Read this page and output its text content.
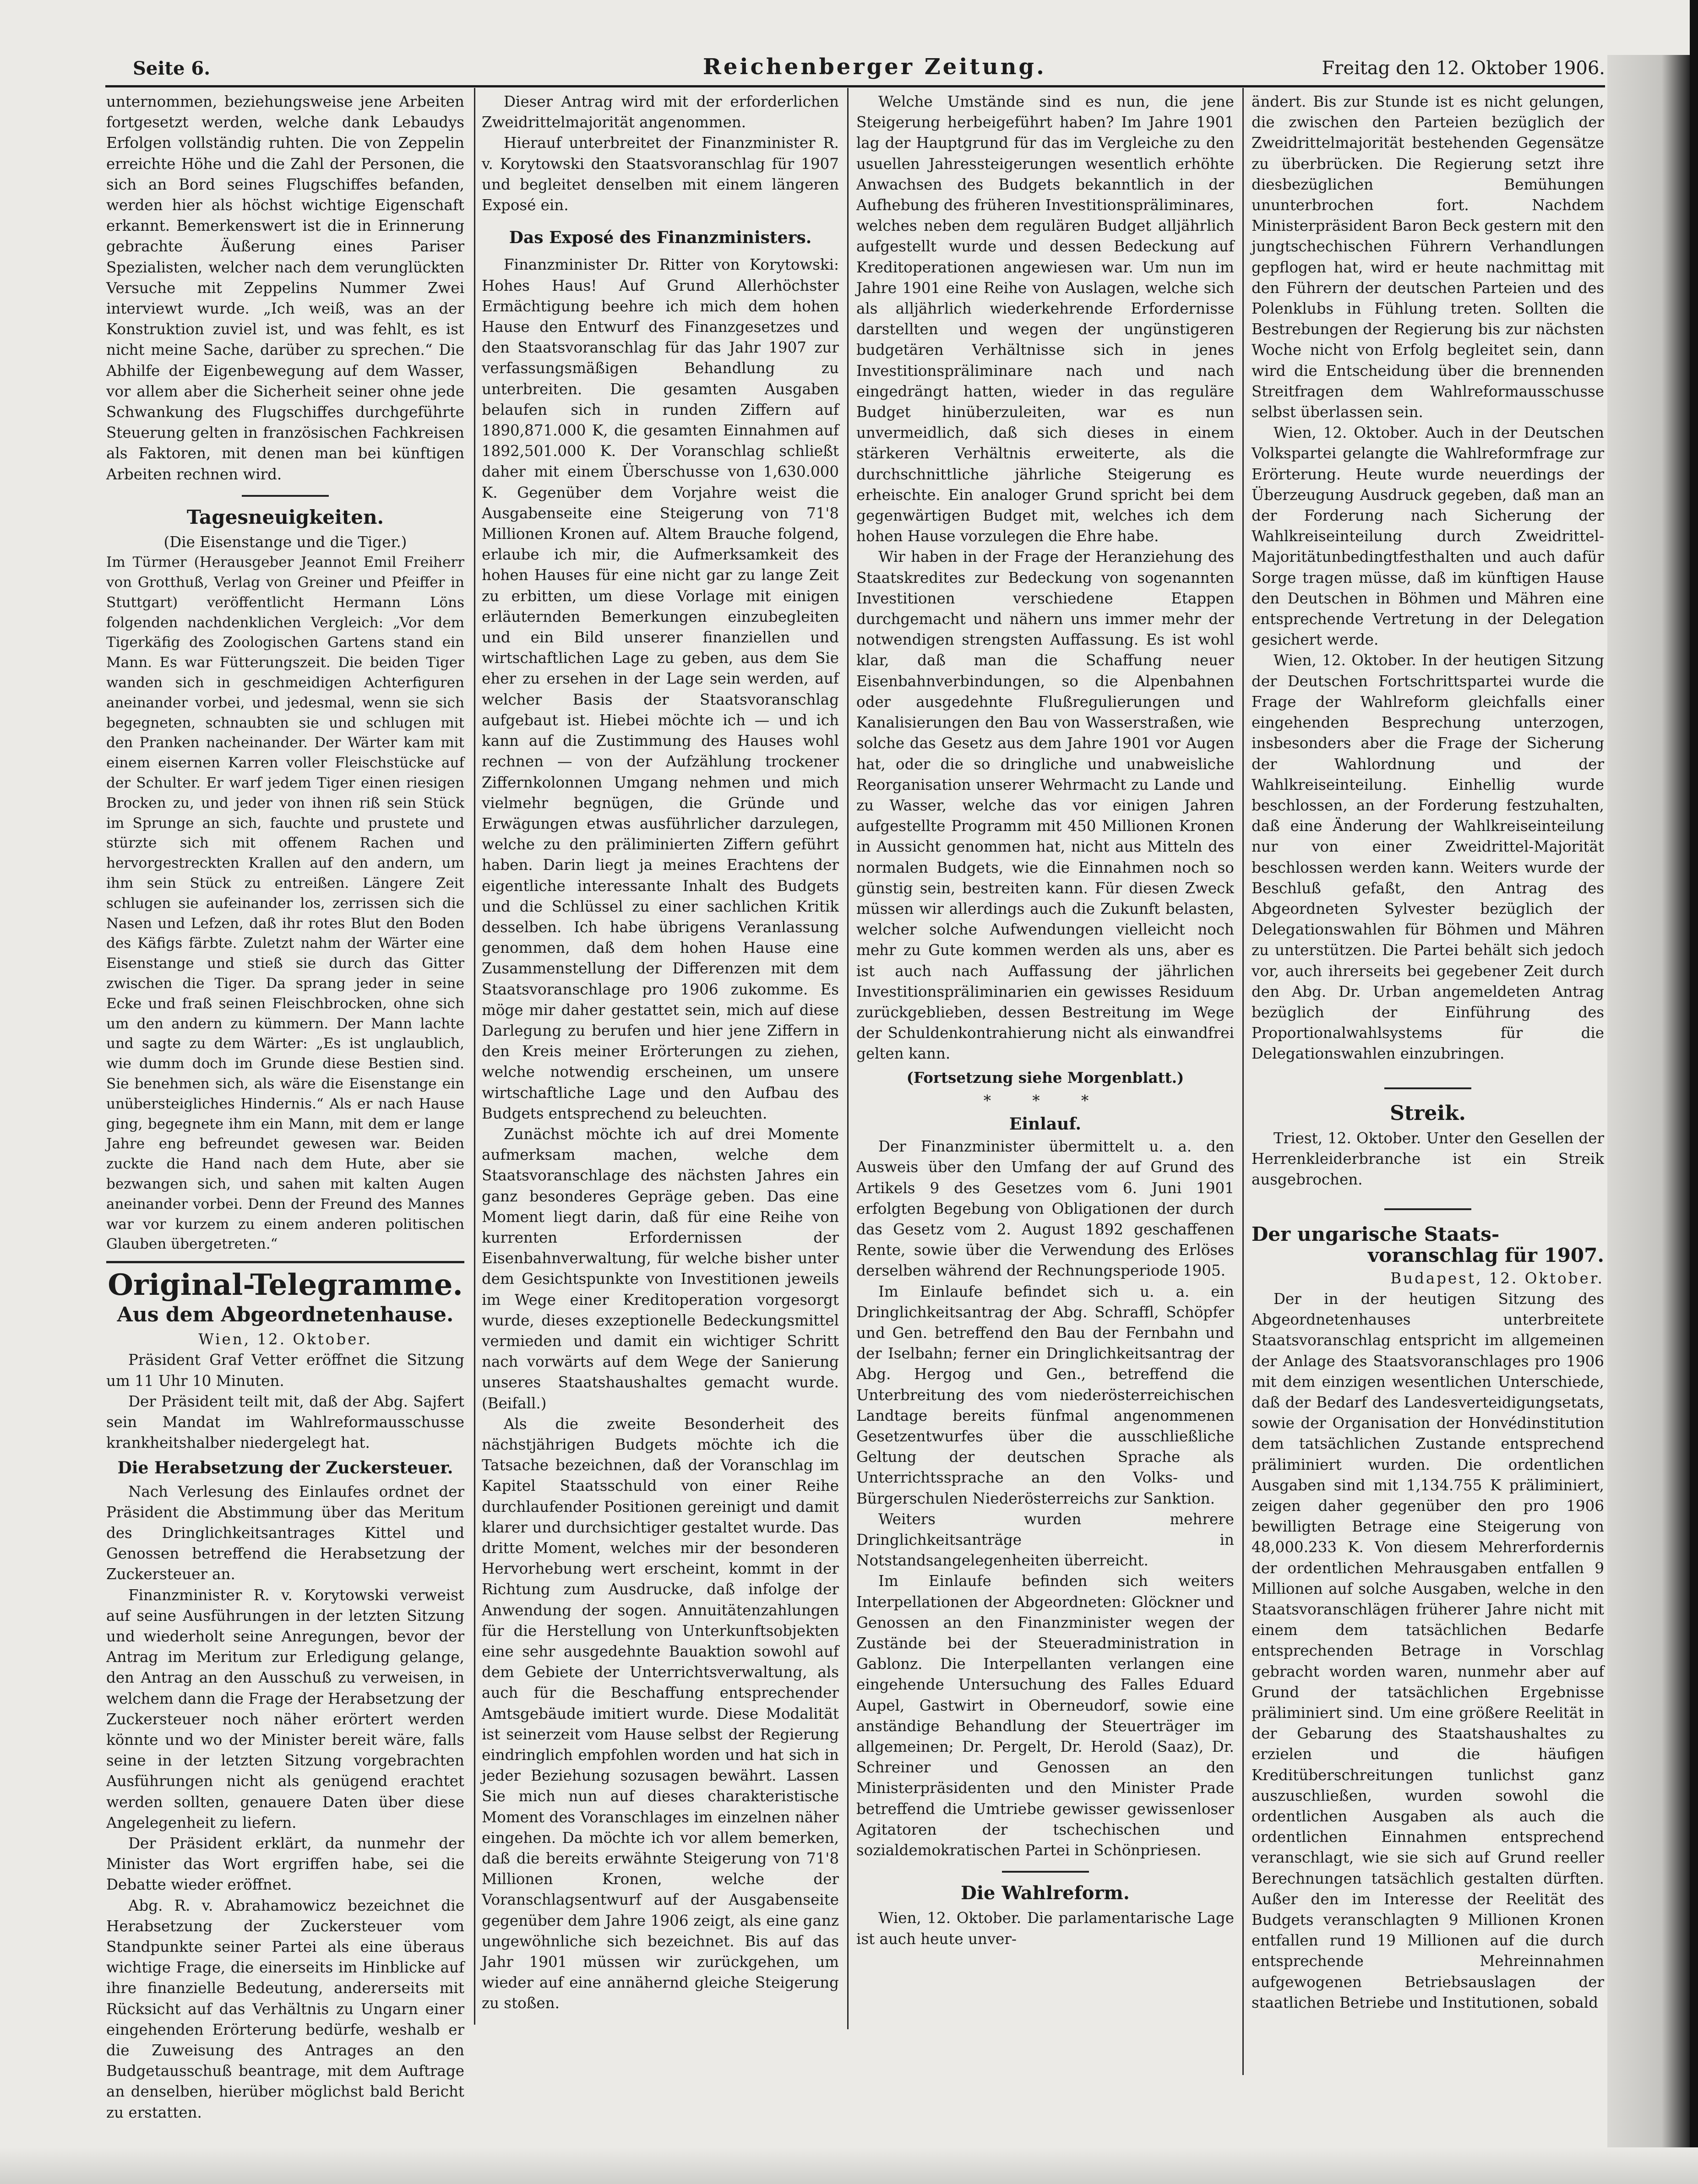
Seite 6.	Reichenberger Zeitung.	Freitag den 12. Oktober 1906.

unternommen, beziehungsweise jene Arbeiten fortgesetzt werden, welche dank Lebaudys Erfolgen vollständig ruhten. Die von Zeppelin erreichte Höhe und die Zahl der Personen, die sich an Bord seines Flugschiffes befanden, werden hier als höchst wichtige Eigenschaft erkannt. Bemerkenswert ist die in Erinnerung gebrachte Äußerung eines Pariser Spezialisten, welcher nach dem verunglückten Versuche mit Zeppelins Nummer Zwei interviewt wurde. „Ich weiß, was an der Konstruktion zuviel ist, und was fehlt, es ist nicht meine Sache, darüber zu sprechen.“ Die Abhilfe der Eigenbewegung auf dem Wasser, vor allem aber die Sicherheit seiner ohne jede Schwankung des Flugschiffes durchgeführte Steuerung gelten in französischen Fachkreisen als Faktoren, mit denen man bei künftigen Arbeiten rechnen wird.

Tagesneuigkeiten.
(Die Eisenstange und die Tiger.)

Im Türmer (Herausgeber Jeannot Emil Freiherr von Grotthuß, Verlag von Greiner und Pfeiffer in Stuttgart) veröffentlicht Hermann Löns folgenden nachdenklichen Vergleich: „Vor dem Tigerkäfig des Zoologischen Gartens stand ein Mann. Es war Fütterungszeit. Die beiden Tiger wanden sich in geschmeidigen Achterfiguren aneinander vorbei, und jedesmal, wenn sie sich begegneten, schnaubten sie und schlugen mit den Pranken nacheinander. Der Wärter kam mit einem eisernen Karren voller Fleischstücke auf der Schulter. Er warf jedem Tiger einen riesigen Brocken zu, und jeder von ihnen riß sein Stück im Sprunge an sich, fauchte und prustete und stürzte sich mit offenem Rachen und hervorgestreckten Krallen auf den andern, um ihm sein Stück zu entreißen. Längere Zeit schlugen sie aufeinander los, zerrissen sich die Nasen und Lefzen, daß ihr rotes Blut den Boden des Käfigs färbte. Zuletzt nahm der Wärter eine Eisenstange und stieß sie durch das Gitter zwischen die Tiger. Da sprang jeder in seine Ecke und fraß seinen Fleischbrocken, ohne sich um den andern zu kümmern. Der Mann lachte und sagte zu dem Wärter: „Es ist unglaublich, wie dumm doch im Grunde diese Bestien sind. Sie benehmen sich, als wäre die Eisenstange ein unübersteigliches Hindernis.“ Als er nach Hause ging, begegnete ihm ein Mann, mit dem er lange Jahre eng befreundet gewesen war. Beiden zuckte die Hand nach dem Hute, aber sie bezwangen sich, und sahen mit kalten Augen aneinander vorbei. Denn der Freund des Mannes war vor kurzem zu einem anderen politischen Glauben übergetreten.“

Original-Telegramme.
Aus dem Abgeordnetenhause.
Wien, 12. Oktober.

Präsident Graf Vetter eröffnet die Sitzung um 11 Uhr 10 Minuten.

Der Präsident teilt mit, daß der Abg. Sajfert sein Mandat im Wahlreformausschusse krankheitshalber niedergelegt hat.

Die Herabsetzung der Zuckersteuer.

Nach Verlesung des Einlaufes ordnet der Präsident die Abstimmung über das Meritum des Dringlichkeitsantrages Kittel und Genossen betreffend die Herabsetzung der Zuckersteuer an.

Finanzminister R. v. Korytowski verweist auf seine Ausführungen in der letzten Sitzung und wiederholt seine Anregungen, bevor der Antrag im Meritum zur Erledigung gelange, den Antrag an den Ausschuß zu verweisen, in welchem dann die Frage der Herabsetzung der Zuckersteuer noch näher erörtert werden könnte und wo der Minister bereit wäre, falls seine in der letzten Sitzung vorgebrachten Ausführungen nicht als genügend erachtet werden sollten, genauere Daten über diese Angelegenheit zu liefern.

Der Präsident erklärt, da nunmehr der Minister das Wort ergriffen habe, sei die Debatte wieder eröffnet.

Abg. R. v. Abrahamowicz bezeichnet die Herabsetzung der Zuckersteuer vom Standpunkte seiner Partei als eine überaus wichtige Frage, die einerseits im Hinblicke auf ihre finanzielle Bedeutung, andererseits mit Rücksicht auf das Verhältnis zu Ungarn einer eingehenden Erörterung bedürfe, weshalb er die Zuweisung des Antrages an den Budgetausschuß beantrage, mit dem Auftrage an denselben, hierüber möglichst bald Bericht zu erstatten.

Dieser Antrag wird mit der erforderlichen Zweidrittelmajorität angenommen.

Hierauf unterbreitet der Finanzminister R. v. Korytowski den Staatsvoranschlag für 1907 und begleitet denselben mit einem längeren Exposé ein.

Das Exposé des Finanzministers.

Finanzminister Dr. Ritter von Korytowski: Hohes Haus! Auf Grund Allerhöchster Ermächtigung beehre ich mich dem hohen Hause den Entwurf des Finanzgesetzes und den Staatsvoranschlag für das Jahr 1907 zur verfassungsmäßigen Behandlung zu unterbreiten. Die gesamten Ausgaben belaufen sich in runden Ziffern auf 1890,871.000 K, die gesamten Einnahmen auf 1892,501.000 K. Der Voranschlag schließt daher mit einem Überschusse von 1,630.000 K. Gegenüber dem Vorjahre weist die Ausgabenseite eine Steigerung von 71'8 Millionen Kronen auf. Altem Brauche folgend, erlaube ich mir, die Aufmerksamkeit des hohen Hauses für eine nicht gar zu lange Zeit zu erbitten, um diese Vorlage mit einigen erläuternden Bemerkungen einzubegleiten und ein Bild unserer finanziellen und wirtschaftlichen Lage zu geben, aus dem Sie eher zu ersehen in der Lage sein werden, auf welcher Basis der Staatsvoranschlag aufgebaut ist. Hiebei möchte ich — und ich kann auf die Zustimmung des Hauses wohl rechnen — von der Aufzählung trockener Ziffernkolonnen Umgang nehmen und mich vielmehr begnügen, die Gründe und Erwägungen etwas ausführlicher darzulegen, welche zu den präliminierten Ziffern geführt haben. Darin liegt ja meines Erachtens der eigentliche interessante Inhalt des Budgets und die Schlüssel zu einer sachlichen Kritik desselben. Ich habe übrigens Veranlassung genommen, daß dem hohen Hause eine Zusammenstellung der Differenzen mit dem Staatsvoranschlage pro 1906 zukomme. Es möge mir daher gestattet sein, mich auf diese Darlegung zu berufen und hier jene Ziffern in den Kreis meiner Erörterungen zu ziehen, welche notwendig erscheinen, um unsere wirtschaftliche Lage und den Aufbau des Budgets entsprechend zu beleuchten.

Zunächst möchte ich auf drei Momente aufmerksam machen, welche dem Staatsvoranschlage des nächsten Jahres ein ganz besonderes Gepräge geben. Das eine Moment liegt darin, daß für eine Reihe von kurrenten Erfordernissen der Eisenbahnverwaltung, für welche bisher unter dem Gesichtspunkte von Investitionen jeweils im Wege einer Kreditoperation vorgesorgt wurde, dieses exzeptionelle Bedeckungsmittel vermieden und damit ein wichtiger Schritt nach vorwärts auf dem Wege der Sanierung unseres Staatshaushaltes gemacht wurde. (Beifall.)

Als die zweite Besonderheit des nächstjährigen Budgets möchte ich die Tatsache bezeichnen, daß der Voranschlag im Kapitel Staatsschuld von einer Reihe durchlaufender Positionen gereinigt und damit klarer und durchsichtiger gestaltet wurde. Das dritte Moment, welches mir der besonderen Hervorhebung wert erscheint, kommt in der Richtung zum Ausdrucke, daß infolge der Anwendung der sogen. Annuitätenzahlungen für die Herstellung von Unterkunftsobjekten eine sehr ausgedehnte Bauaktion sowohl auf dem Gebiete der Unterrichtsverwaltung, als auch für die Beschaffung entsprechender Amtsgebäude imitiert wurde. Diese Modalität ist seinerzeit vom Hause selbst der Regierung eindringlich empfohlen worden und hat sich in jeder Beziehung sozusagen bewährt. Lassen Sie mich nun auf dieses charakteristische Moment des Voranschlages im einzelnen näher eingehen. Da möchte ich vor allem bemerken, daß die bereits erwähnte Steigerung von 71'8 Millionen Kronen, welche der Voranschlagsentwurf auf der Ausgabenseite gegenüber dem Jahre 1906 zeigt, als eine ganz ungewöhnliche sich bezeichnet. Bis auf das Jahr 1901 müssen wir zurückgehen, um wieder auf eine annähernd gleiche Steigerung zu stoßen.

Welche Umstände sind es nun, die jene Steigerung herbeigeführt haben? Im Jahre 1901 lag der Hauptgrund für das im Vergleiche zu den usuellen Jahressteigerungen wesentlich erhöhte Anwachsen des Budgets bekanntlich in der Aufhebung des früheren Investitionspräliminares, welches neben dem regulären Budget alljährlich aufgestellt wurde und dessen Bedeckung auf Kreditoperationen angewiesen war. Um nun im Jahre 1901 eine Reihe von Auslagen, welche sich als alljährlich wiederkehrende Erfordernisse darstellten und wegen der ungünstigeren budgetären Verhältnisse sich in jenes Investitionspräliminare nach und nach eingedrängt hatten, wieder in das reguläre Budget hinüberzuleiten, war es nun unvermeidlich, daß sich dieses in einem stärkeren Verhältnis erweiterte, als die durchschnittliche jährliche Steigerung es erheischte. Ein analoger Grund spricht bei dem gegenwärtigen Budget mit, welches ich dem hohen Hause vorzulegen die Ehre habe.

Wir haben in der Frage der Heranziehung des Staatskredites zur Bedeckung von sogenannten Investitionen verschiedene Etappen durchgemacht und nähern uns immer mehr der notwendigen strengsten Auffassung. Es ist wohl klar, daß man die Schaffung neuer Eisenbahnverbindungen, so die Alpenbahnen oder ausgedehnte Flußregulierungen und Kanalisierungen den Bau von Wasserstraßen, wie solche das Gesetz aus dem Jahre 1901 vor Augen hat, oder die so dringliche und unabweisliche Reorganisation unserer Wehrmacht zu Lande und zu Wasser, welche das vor einigen Jahren aufgestellte Programm mit 450 Millionen Kronen in Aussicht genommen hat, nicht aus Mitteln des normalen Budgets, wie die Einnahmen noch so günstig sein, bestreiten kann. Für diesen Zweck müssen wir allerdings auch die Zukunft belasten, welcher solche Aufwendungen vielleicht noch mehr zu Gute kommen werden als uns, aber es ist auch nach Auffassung der jährlichen Investitionspräliminarien ein gewisses Residuum zurückgeblieben, dessen Bestreitung im Wege der Schuldenkontrahierung nicht als einwandfrei gelten kann.

(Fortsetzung siehe Morgenblatt.)
* * *
Einlauf.

Der Finanzminister übermittelt u. a. den Ausweis über den Umfang der auf Grund des Artikels 9 des Gesetzes vom 6. Juni 1901 erfolgten Begebung von Obligationen der durch das Gesetz vom 2. August 1892 geschaffenen Rente, sowie über die Verwendung des Erlöses derselben während der Rechnungsperiode 1905.

Im Einlaufe befindet sich u. a. ein Dringlichkeitsantrag der Abg. Schraffl, Schöpfer und Gen. betreffend den Bau der Fernbahn und der Iselbahn; ferner ein Dringlichkeitsantrag der Abg. Hergog und Gen., betreffend die Unterbreitung des vom niederösterreichischen Landtage bereits fünfmal angenommenen Gesetzentwurfes über die ausschließliche Geltung der deutschen Sprache als Unterrichtssprache an den Volks- und Bürgerschulen Niederösterreichs zur Sanktion.

Weiters wurden mehrere Dringlichkeitsanträge in Notstandsangelegenheiten überreicht.

Im Einlaufe befinden sich weiters Interpellationen der Abgeordneten: Glöckner und Genossen an den Finanzminister wegen der Zustände bei der Steueradministration in Gablonz. Die Interpellanten verlangen eine eingehende Untersuchung des Falles Eduard Aupel, Gastwirt in Oberneudorf, sowie eine anständige Behandlung der Steuerträger im allgemeinen; Dr. Pergelt, Dr. Herold (Saaz), Dr. Schreiner und Genossen an den Ministerpräsidenten und den Minister Prade betreffend die Umtriebe gewisser gewissenloser Agitatoren der tschechischen und sozialdemokratischen Partei in Schönpriesen.

Die Wahlreform.

Wien, 12. Oktober. Die parlamentarische Lage ist auch heute unver-

ändert. Bis zur Stunde ist es nicht gelungen, die zwischen den Parteien bezüglich der Zweidrittelmajorität bestehenden Gegensätze zu überbrücken. Die Regierung setzt ihre diesbezüglichen Bemühungen ununterbrochen fort. Nachdem Ministerpräsident Baron Beck gestern mit den jungtschechischen Führern Verhandlungen gepflogen hat, wird er heute nachmittag mit den Führern der deutschen Parteien und des Polenklubs in Fühlung treten. Sollten die Bestrebungen der Regierung bis zur nächsten Woche nicht von Erfolg begleitet sein, dann wird die Entscheidung über die brennenden Streitfragen dem Wahlreformausschusse selbst überlassen sein.

Wien, 12. Oktober. Auch in der Deutschen Volkspartei gelangte die Wahlreformfrage zur Erörterung. Heute wurde neuerdings der Überzeugung Ausdruck gegeben, daß man an der Forderung nach Sicherung der Wahlkreiseinteilung durch Zweidrittel-Majoritätunbedingtfesthalten und auch dafür Sorge tragen müsse, daß im künftigen Hause den Deutschen in Böhmen und Mähren eine entsprechende Vertretung in der Delegation gesichert werde.

Wien, 12. Oktober. In der heutigen Sitzung der Deutschen Fortschrittspartei wurde die Frage der Wahlreform gleichfalls einer eingehenden Besprechung unterzogen, insbesonders aber die Frage der Sicherung der Wahlordnung und der Wahlkreiseinteilung. Einhellig wurde beschlossen, an der Forderung festzuhalten, daß eine Änderung der Wahlkreiseinteilung nur von einer Zweidrittel-Majorität beschlossen werden kann. Weiters wurde der Beschluß gefaßt, den Antrag des Abgeordneten Sylvester bezüglich der Delegationswahlen für Böhmen und Mähren zu unterstützen. Die Partei behält sich jedoch vor, auch ihrerseits bei gegebener Zeit durch den Abg. Dr. Urban angemeldeten Antrag bezüglich der Einführung des Proportionalwahlsystems für die Delegationswahlen einzubringen.

Streik.

Triest, 12. Oktober. Unter den Gesellen der Herrenkleiderbranche ist ein Streik ausgebrochen.

Der ungarische Staats-
voranschlag für 1907.
Budapest, 12. Oktober.

Der in der heutigen Sitzung des Abgeordnetenhauses unterbreitete Staatsvoranschlag entspricht im allgemeinen der Anlage des Staatsvoranschlages pro 1906 mit dem einzigen wesentlichen Unterschiede, daß der Bedarf des Landesverteidigungsetats, sowie der Organisation der Honvédinstitution dem tatsächlichen Zustande entsprechend präliminiert wurden. Die ordentlichen Ausgaben sind mit 1,134.755 K präliminiert, zeigen daher gegenüber den pro 1906 bewilligten Betrage eine Steigerung von 48,000.233 K. Von diesem Mehrerfordernis der ordentlichen Mehrausgaben entfallen 9 Millionen auf solche Ausgaben, welche in den Staatsvoranschlägen früherer Jahre nicht mit einem dem tatsächlichen Bedarfe entsprechenden Betrage in Vorschlag gebracht worden waren, nunmehr aber auf Grund der tatsächlichen Ergebnisse präliminiert sind. Um eine größere Reelität in der Gebarung des Staatshaushaltes zu erzielen und die häufigen Kreditüberschreitungen tunlichst ganz auszuschließen, wurden sowohl die ordentlichen Ausgaben als auch die ordentlichen Einnahmen entsprechend veranschlagt, wie sie sich auf Grund reeller Berechnungen tatsächlich gestalten dürften. Außer den im Interesse der Reelität des Budgets veranschlagten 9 Millionen Kronen entfallen rund 19 Millionen auf die durch entsprechende Mehreinnahmen aufgewogenen Betriebsauslagen der staatlichen Betriebe und Institutionen, sobald
